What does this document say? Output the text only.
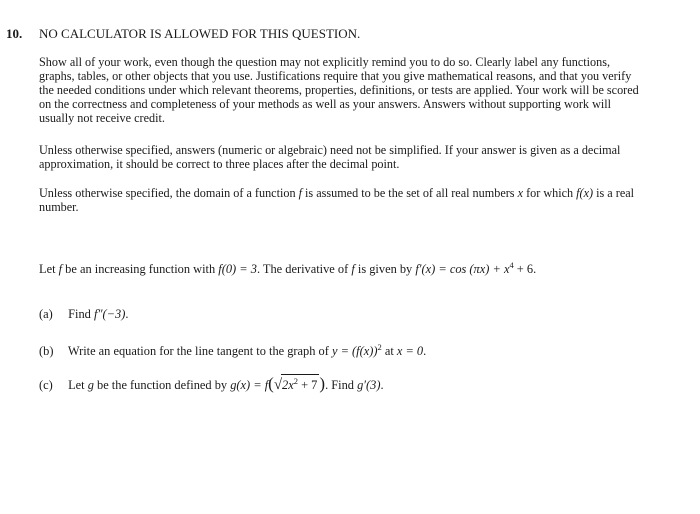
10. NO CALCULATOR IS ALLOWED FOR THIS QUESTION.
Show all of your work, even though the question may not explicitly remind you to do so. Clearly label any functions, graphs, tables, or other objects that you use. Justifications require that you give mathematical reasons, and that you verify the needed conditions under which relevant theorems, properties, definitions, or tests are applied. Your work will be scored on the correctness and completeness of your methods as well as your answers. Answers without supporting work will usually not receive credit.
Unless otherwise specified, answers (numeric or algebraic) need not be simplified. If your answer is given as a decimal approximation, it should be correct to three places after the decimal point.
Unless otherwise specified, the domain of a function f is assumed to be the set of all real numbers x for which f(x) is a real number.
Let f be an increasing function with f(0) = 3. The derivative of f is given by $f'(x) = \cos (\pi x) + x^4 + 6$.
(a) Find f″(−3).
(b) Write an equation for the line tangent to the graph of $y = (f(x))^2$ at x = 0.
(c) Let g be the function defined by $g(x) = f(√2x^2 + 7$ ). Find g′(3).
